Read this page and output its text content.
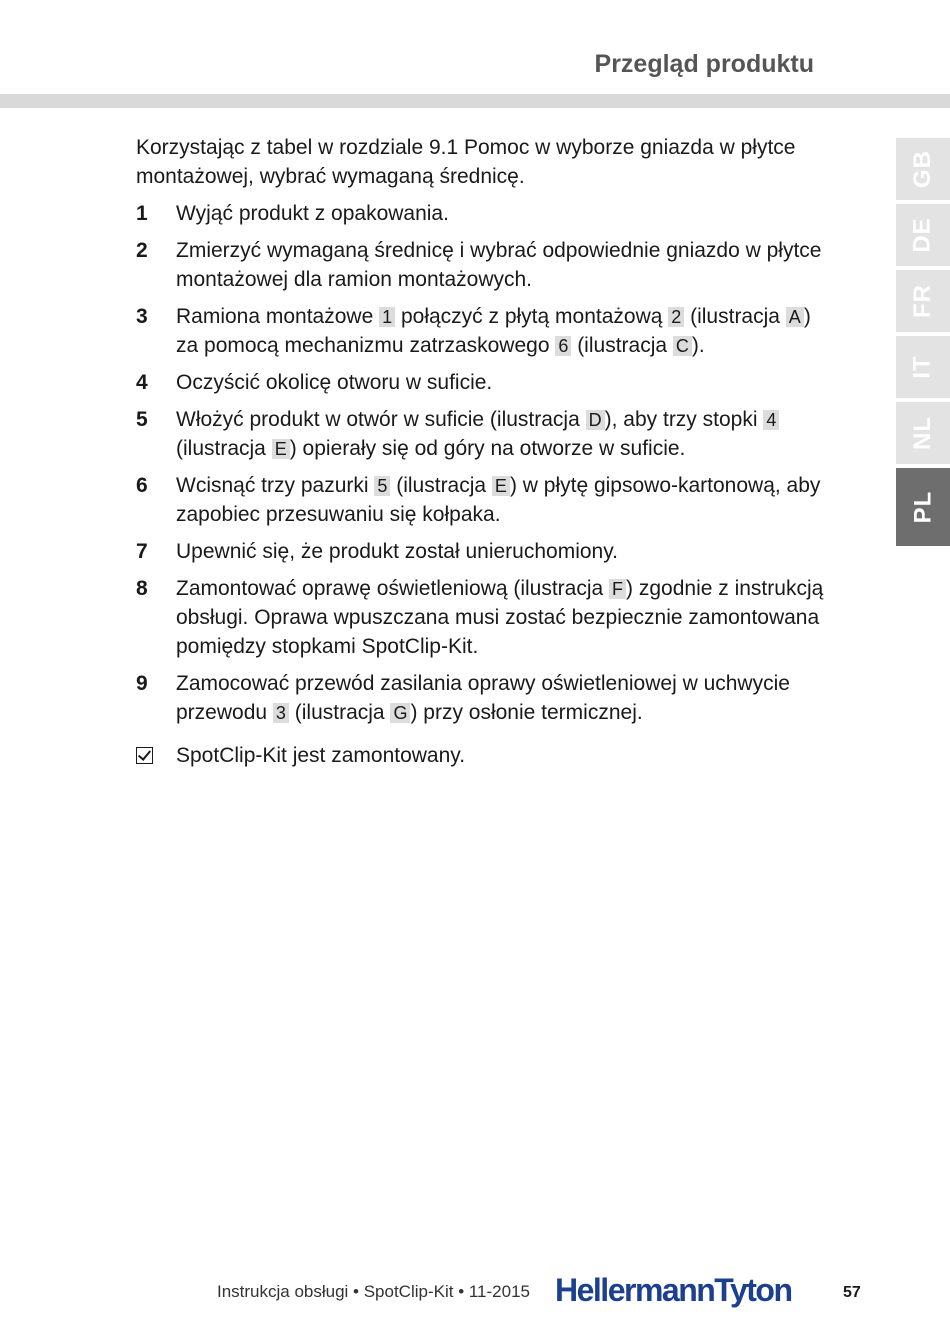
Przegląd produktu
GB
DE
FR
IT
NL
PL

Korzystając z tabel w rozdziale 9.1 Pomoc w wyborze gniazda w płytce montażowej, wybrać wymaganą średnicę.

1	Wyjąć produkt z opakowania.
2	Zmierzyć wymaganą średnicę i wybrać odpowiednie gniazdo w płytce montażowej dla ramion montażowych.
3	Ramiona montażowe 1 połączyć z płytą montażową 2 (ilustracja A ) za pomocą mechanizmu zatrzaskowego 6 (ilustracja C ).
4	Oczyścić okolicę otworu w suficie.
5	Włożyć produkt w otwór w suficie (ilustracja D ), aby trzy stopki 4 (ilustracja E ) opierały się od góry na otworze w suficie.
6	Wcisnąć trzy pazurki 5 (ilustracja E ) w płytę gipsowo-kartonową, aby zapobiec przesuwaniu się kołpaka.
7	Upewnić się, że produkt został unieruchomiony.
8	Zamontować oprawę oświetleniową (ilustracja F ) zgodnie z instrukcją obsługi. Oprawa wpuszczana musi zostać bezpiecznie zamontowana pomiędzy stopkami SpotClip-Kit.
9	Zamocować przewód zasilania oprawy oświetleniowej w uchwycie przewodu 3 (ilustracja G ) przy osłonie termicznej.
SpotClip-Kit jest zamontowany.
Instrukcja obsługi • SpotClip-Kit • 11-2015 HellermannTyton	57
